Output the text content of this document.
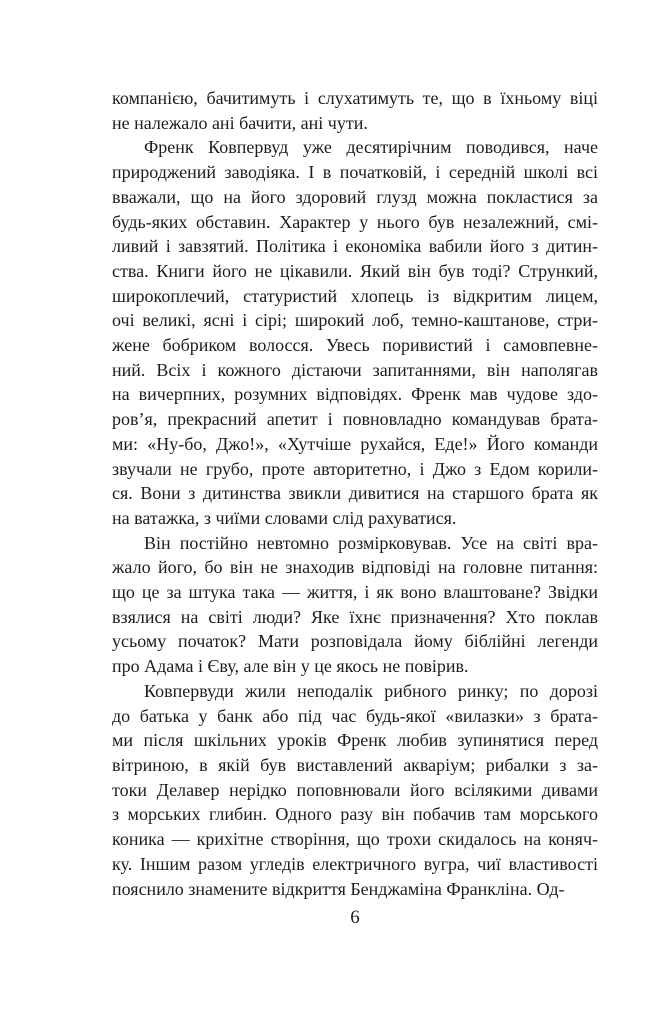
компанією, бачитимуть і слухатимуть те, що в їхньому віці
не належало ані бачити, ані чути.

Френк Ковпервуд уже десятирічним поводився, наче
природжений заводіяка. І в початковій, і середній школі всі
вважали, що на його здоровий глузд можна покластися за
будь-яких обставин. Характер у нього був незалежний, смі-
ливий і завзятий. Політика і економіка вабили його з дитин-
ства. Книги його не цікавили. Який він був тоді? Стрункий,
широкоплечий, статуристий хлопець із відкритим лицем,
очі великі, ясні і сірі; широкий лоб, темно-каштанове, стри-
жене бобриком волосся. Увесь поривистий і самовпевне-
ний. Всіх і кожного дістаючи запитаннями, він наполягав
на вичерпних, розумних відповідях. Френк мав чудове здо-
ров’я, прекрасний апетит і повновладно командував брата-
ми: «Ну-бо, Джо!», «Хутчіше рухайся, Еде!» Його команди
звучали не грубо, проте авторитетно, і Джо з Едом корили-
ся. Вони з дитинства звикли дивитися на старшого брата як
на ватажка, з чиїми словами слід рахуватися.

Він постійно невтомно розмірковував. Усе на світі вра-
жало його, бо він не знаходив відповіді на головне питання:
що це за штука така — життя, і як воно влаштоване? Звідки
взялися на світі люди? Яке їхнє призначення? Хто поклав
усьому початок? Мати розповідала йому біблійні легенди
про Адама і Єву, але він у це якось не повірив.

Ковпервуди жили неподалік рибного ринку; по дорозі
до батька у банк або під час будь-якої «вилазки» з брата-
ми після шкільних уроків Френк любив зупинятися перед
вітриною, в якій був виставлений акваріум; рибалки з за-
токи Делавер нерідко поповнювали його всілякими дивами
з морських глибин. Одного разу він побачив там морського
коника — крихітне створіння, що трохи скидалось на коняч-
ку. Іншим разом угледів електричного вугра, чиї властивості
пояснило знамените відкриття Бенджаміна Франкліна. Од-

6
